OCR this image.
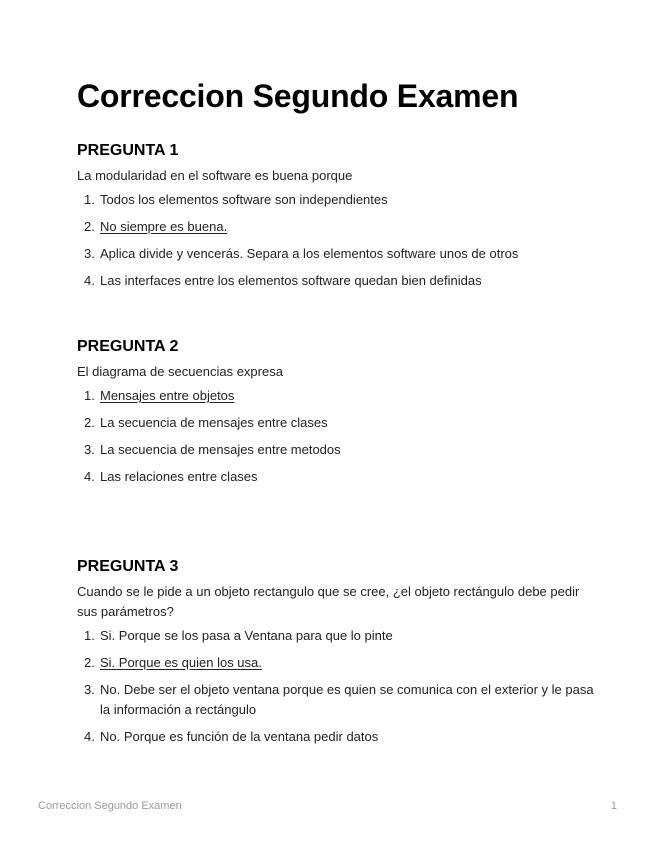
Correccion Segundo Examen
PREGUNTA 1

La modularidad en el software es buena porque

1. Todos los elementos software son independientes
2. No siempre es buena.
3. Aplica divide y vencerás. Separa a los elementos software unos de otros
4. Las interfaces entre los elementos software quedan bien definidas
PREGUNTA 2

El diagrama de secuencias expresa

1. Mensajes entre objetos
2. La secuencia de mensajes entre clases
3. La secuencia de mensajes entre metodos
4. Las relaciones entre clases
PREGUNTA 3

Cuando se le pide a un objeto rectangulo que se cree, ¿el objeto rectángulo debe pedir sus parámetros?

1. Si. Porque se los pasa a Ventana para que lo pinte
2. Si. Porque es quien los usa.
3. No. Debe ser el objeto ventana porque es quien se comunica con el exterior y le pasa la información a rectángulo
4. No. Porque es función de la ventana pedir datos
Correccion Segundo Examen	1
